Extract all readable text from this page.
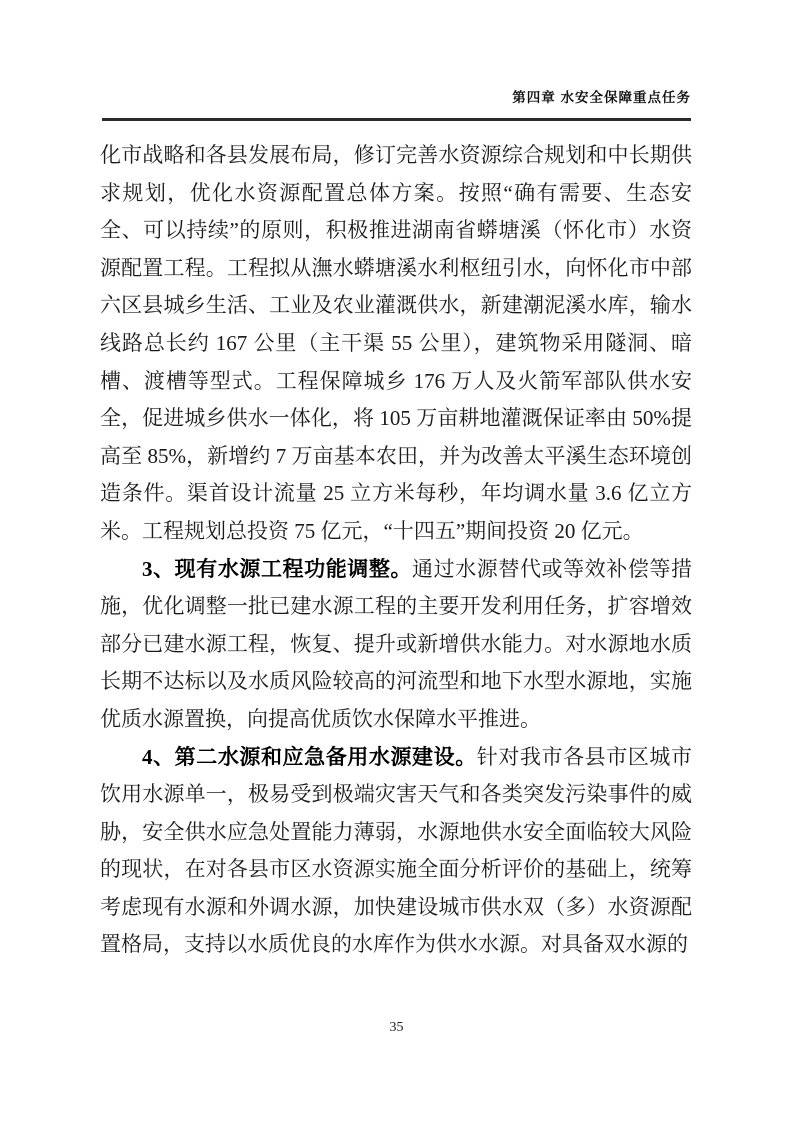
第四章 水安全保障重点任务

化市战略和各县发展布局，修订完善水资源综合规划和中长期供求规划，优化水资源配置总体方案。按照“确有需要、生态安全、可以持续”的原则，积极推进湖南省蟒塘溪（怀化市）水资源配置工程。工程拟从潕水蟒塘溪水利枢纽引水，向怀化市中部六区县城乡生活、工业及农业灌溉供水，新建潮泥溪水库，输水线路总长约 167 公里（主干渠 55 公里），建筑物采用隧洞、暗槽、渡槽等型式。工程保障城乡 176 万人及火箭军部队供水安全，促进城乡供水一体化，将 105 万亩耕地灌溉保证率由 50%提高至 85%，新增约 7 万亩基本农田，并为改善太平溪生态环境创造条件。渠首设计流量 25 立方米每秒，年均调水量 3.6 亿立方米。工程规划总投资 75 亿元，“十四五”期间投资 20 亿元。

3、现有水源工程功能调整。通过水源替代或等效补偿等措施，优化调整一批已建水源工程的主要开发利用任务，扩容增效部分已建水源工程，恢复、提升或新增供水能力。对水源地水质长期不达标以及水质风险较高的河流型和地下水型水源地，实施优质水源置换，向提高优质饮水保障水平推进。

4、第二水源和应急备用水源建设。针对我市各县市区城市饮用水源单一，极易受到极端灾害天气和各类突发污染事件的威胁，安全供水应急处置能力薄弱，水源地供水安全面临较大风险的现状，在对各县市区水资源实施全面分析评价的基础上，统筹考虑现有水源和外调水源，加快建设城市供水双（多）水资源配置格局，支持以水质优良的水库作为供水水源。对具备双水源的

35
